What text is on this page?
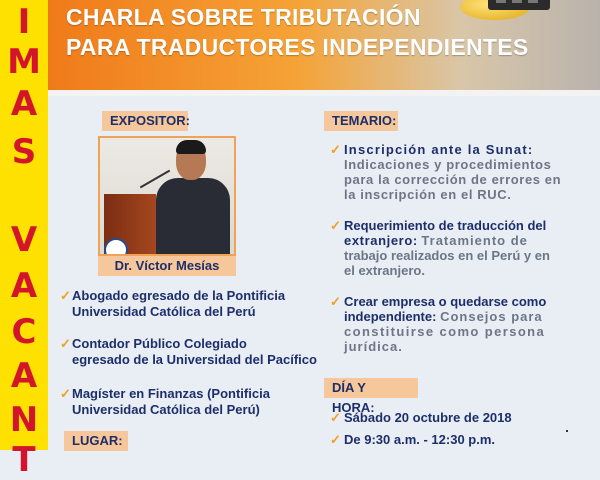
I
M
A
S
V
A
C
A
N
T
CHARLA SOBRE TRIBUTACIÓN
PARA TRADUCTORES INDEPENDIENTES
EXPOSITOR:
Dr. Víctor Mesías
✓ Abogado egresado de la Pontificia
Universidad Católica del Perú
✓ Contador Público Colegiado
egresado de la Universidad del Pacífico
✓ Magíster en Finanzas (Pontificia
Universidad Católica del Perú)
LUGAR:
TEMARIO:
✓ Inscripción ante la Sunat:
Indicaciones y procedimientos
para la corrección de errores en
la inscripción en el RUC.
✓ Requerimiento de traducción del
extranjero: Tratamiento de
trabajo realizados en el Perú y en
el extranjero.
✓ Crear empresa o quedarse como
independiente: Consejos para
constituirse como persona
jurídica.
DÍA Y HORA:
✓ Sábado 20 octubre de 2018
✓ De 9:30 a.m. - 12:30 p.m.
